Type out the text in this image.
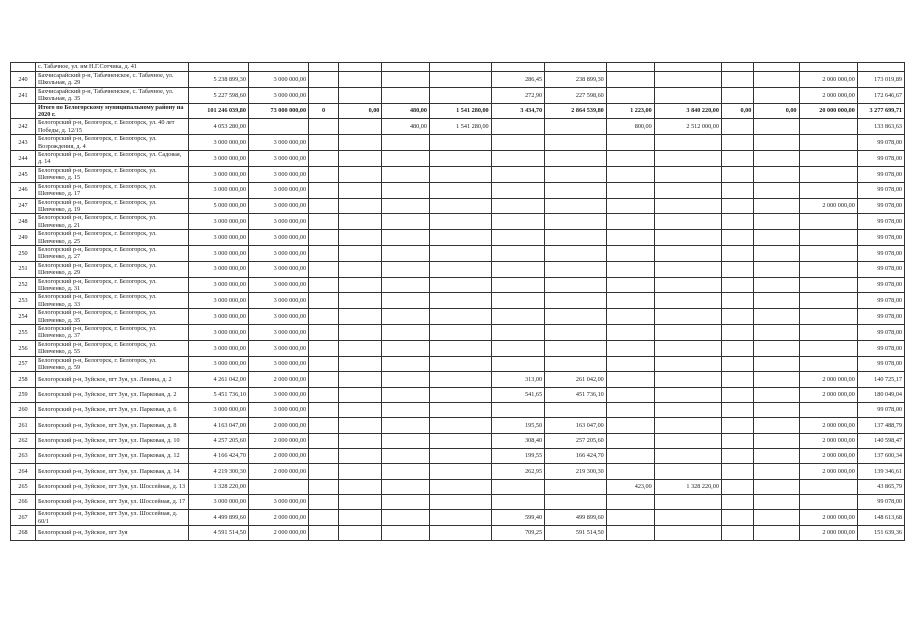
	с. Табачное, ул. им Н.Г.Сотчика, д. 41														
240	Бахчисарайский р-н, Табачненское, с. Табачное, ул. Школьная, д. 29	5 238 899,30	3 000 000,00					286,45	238 899,30					2 000 000,00	173 019,89
241	Бахчисарайский р-н, Табачненское, с. Табачное, ул. Школьная, д. 35	5 227 598,60	3 000 000,00					272,90	227 598,60					2 000 000,00	172 646,67
	Итого по Белогорскому муниципальному району на 2020 г.	101 246 039,80	73 000 000,00	0	0,00	480,00	1 541 280,00	3 434,70	2 864 539,80	1 223,00	3 840 220,00	0,00	0,00	20 000 000,00	3 277 699,71
242	Белогорский р-н, Белогорск, г. Белогорск, ул. 40 лет Победы, д. 12/15	4 053 280,00				480,00	1 541 280,00			800,00	2 512 000,00				133 863,63
243	Белогорский р-н, Белогорск, г. Белогорск, ул. Возрождения, д. 4	3 000 000,00	3 000 000,00												99 078,00
244	Белогорский р-н, Белогорск, г. Белогорск, ул. Садовая, д. 14	3 000 000,00	3 000 000,00												99 078,00
245	Белогорский р-н, Белогорск, г. Белогорск, ул. Шевченко, д. 15	3 000 000,00	3 000 000,00												99 078,00
246	Белогорский р-н, Белогорск, г. Белогорск, ул. Шевченко, д. 17	3 000 000,00	3 000 000,00												99 078,00
247	Белогорский р-н, Белогорск, г. Белогорск, ул. Шевченко, д. 19	5 000 000,00	3 000 000,00											2 000 000,00	99 078,00
248	Белогорский р-н, Белогорск, г. Белогорск, ул. Шевченко, д. 21	3 000 000,00	3 000 000,00												99 078,00
249	Белогорский р-н, Белогорск, г. Белогорск, ул. Шевченко, д. 25	3 000 000,00	3 000 000,00												99 078,00
250	Белогорский р-н, Белогорск, г. Белогорск, ул. Шевченко, д. 27	3 000 000,00	3 000 000,00												99 078,00
251	Белогорский р-н, Белогорск, г. Белогорск, ул. Шевченко, д. 29	3 000 000,00	3 000 000,00												99 078,00
252	Белогорский р-н, Белогорск, г. Белогорск, ул. Шевченко, д. 31	3 000 000,00	3 000 000,00												99 078,00
253	Белогорский р-н, Белогорск, г. Белогорск, ул. Шевченко, д. 33	3 000 000,00	3 000 000,00												99 078,00
254	Белогорский р-н, Белогорск, г. Белогорск, ул. Шевченко, д. 35	3 000 000,00	3 000 000,00												99 078,00
255	Белогорский р-н, Белогорск, г. Белогорск, ул. Шевченко, д. 37	3 000 000,00	3 000 000,00												99 078,00
256	Белогорский р-н, Белогорск, г. Белогорск, ул. Шевченко, д. 55	3 000 000,00	3 000 000,00												99 078,00
257	Белогорский р-н, Белогорск, г. Белогорск, ул. Шевченко, д. 59	3 000 000,00	3 000 000,00												99 078,00
258	Белогорский р-н, Зуйское, пгт Зуя, ул. Ленина, д. 2	4 261 042,00	2 000 000,00					313,00	261 042,00					2 000 000,00	140 725,17
259	Белогорский р-н, Зуйское, пгт Зуя, ул. Парковая, д. 2	5 451 736,10	3 000 000,00					541,65	451 736,10					2 000 000,00	180 049,04
260	Белогорский р-н, Зуйское, пгт Зуя, ул. Парковая, д. 6	3 000 000,00	3 000 000,00												99 078,00
261	Белогорский р-н, Зуйское, пгт Зуя, ул. Парковая, д. 8	4 163 047,00	2 000 000,00					195,50	163 047,00					2 000 000,00	137 488,79
262	Белогорский р-н, Зуйское, пгт Зуя, ул. Парковая, д. 10	4 257 205,60	2 000 000,00					308,40	257 205,60					2 000 000,00	140 598,47
263	Белогорский р-н, Зуйское, пгт Зуя, ул. Парковая, д. 12	4 166 424,70	2 000 000,00					199,55	166 424,70					2 000 000,00	137 600,34
264	Белогорский р-н, Зуйское, пгт Зуя, ул. Парковая, д. 14	4 219 300,30	2 000 000,00					262,95	219 300,30					2 000 000,00	139 346,61
265	Белогорский р-н, Зуйское, пгт Зуя, ул. Шоссейная, д. 13	1 328 220,00								423,00	1 328 220,00				43 865,79
266	Белогорский р-н, Зуйское, пгт Зуя, ул. Шоссейная, д. 17	3 000 000,00	3 000 000,00												99 078,00
267	Белогорский р-н, Зуйское, пгт Зуя, ул. Шоссейная, д. 60/1	4 499 899,60	2 000 000,00					599,40	499 899,60					2 000 000,00	148 613,68
268	Белогорский р-н, Зуйское, пгт Зуя	4 591 514,50	2 000 000,00					709,25	591 514,50					2 000 000,00	151 639,36
